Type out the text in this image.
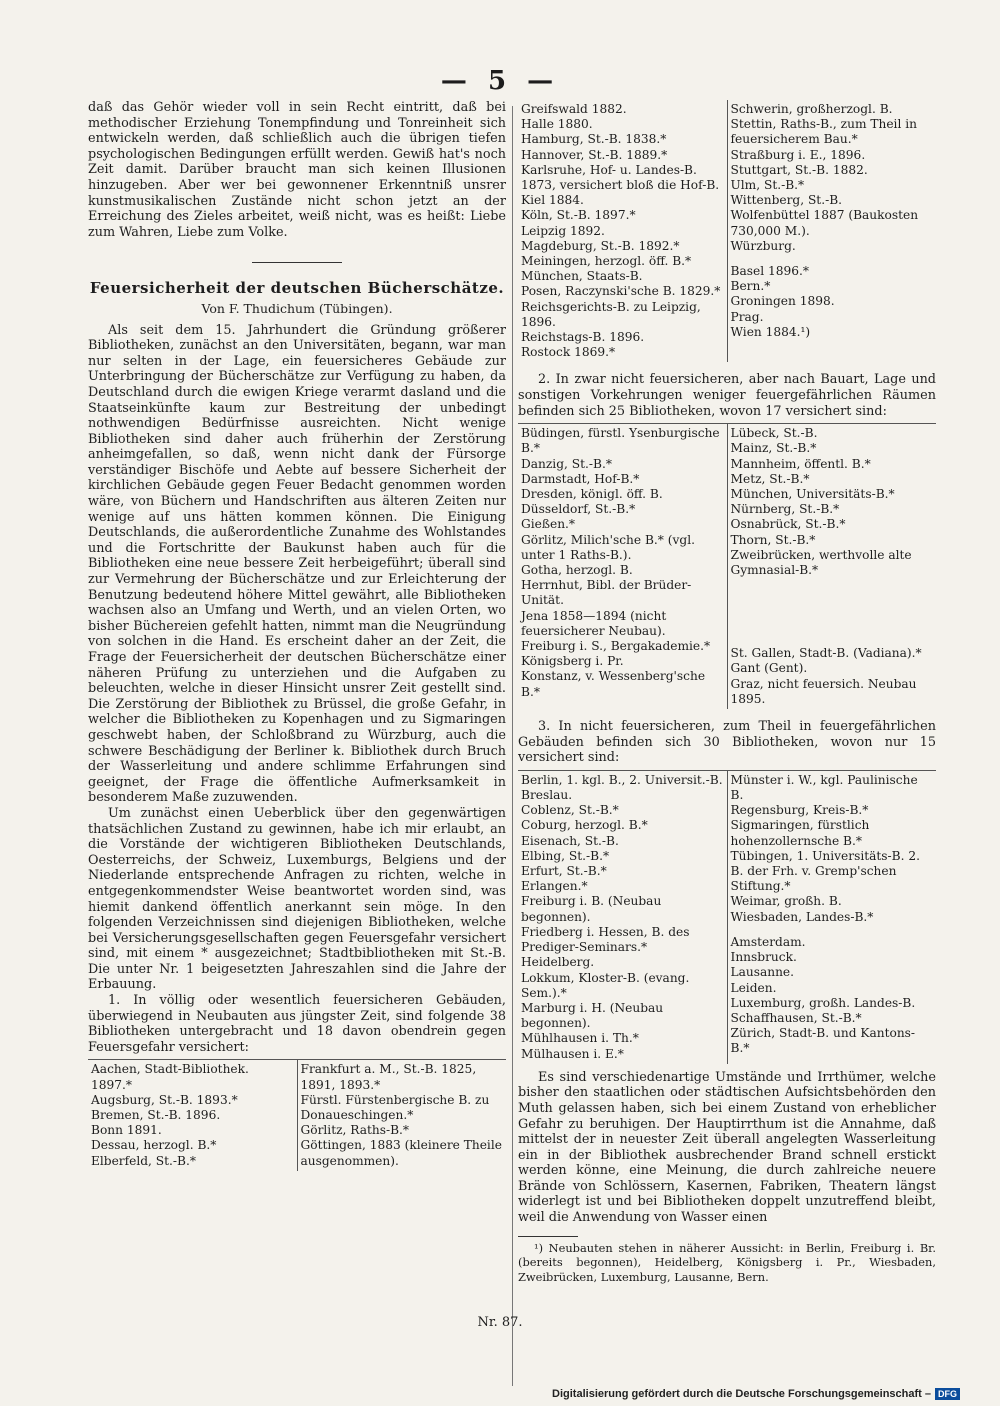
— 5 —

daß das Gehör wieder voll in sein Recht eintritt, daß bei methodischer Erziehung Tonempfindung und Tonreinheit sich entwickeln werden, daß schließlich auch die übrigen tiefen psychologischen Bedingungen erfüllt werden. Gewiß hat's noch Zeit damit. Darüber braucht man sich keinen Illusionen hinzugeben. Aber wer bei gewonnener Erkenntniß unsrer kunstmusikalischen Zustände nicht schon jetzt an der Erreichung des Zieles arbeitet, weiß nicht, was es heißt: Liebe zum Wahren, Liebe zum Volke.

Feuersicherheit der deutschen Bücherschätze.
Von F. Thudichum (Tübingen).

Als seit dem 15. Jahrhundert die Gründung größerer Bibliotheken, zunächst an den Universitäten, begann, war man nur selten in der Lage, ein feuersicheres Gebäude zur Unterbringung der Bücherschätze zur Verfügung zu haben, da Deutschland durch die ewigen Kriege verarmt dasland und die Staatseinkünfte kaum zur Bestreitung der unbedingt nothwendigen Bedürfnisse ausreichten. Nicht wenige Bibliotheken sind daher auch früherhin der Zerstörung anheimgefallen, so daß, wenn nicht dank der Fürsorge verständiger Bischöfe und Aebte auf bessere Sicherheit der kirchlichen Gebäude gegen Feuer Bedacht genommen worden wäre, von Büchern und Handschriften aus älteren Zeiten nur wenige auf uns hätten kommen können. Die Einigung Deutschlands, die außerordentliche Zunahme des Wohlstandes und die Fortschritte der Baukunst haben auch für die Bibliotheken eine neue bessere Zeit herbeigeführt; überall sind zur Vermehrung der Bücherschätze und zur Erleichterung der Benutzung bedeutend höhere Mittel gewährt, alle Bibliotheken wachsen also an Umfang und Werth, und an vielen Orten, wo bisher Büchereien gefehlt hatten, nimmt man die Neugründung von solchen in die Hand. Es erscheint daher an der Zeit, die Frage der Feuersicherheit der deutschen Bücherschätze einer näheren Prüfung zu unterziehen und die Aufgaben zu beleuchten, welche in dieser Hinsicht unsrer Zeit gestellt sind. Die Zerstörung der Bibliothek zu Brüssel, die große Gefahr, in welcher die Bibliotheken zu Kopenhagen und zu Sigmaringen geschwebt haben, der Schloßbrand zu Würzburg, auch die schwere Beschädigung der Berliner k. Bibliothek durch Bruch der Wasserleitung und andere schlimme Erfahrungen sind geeignet, der Frage die öffentliche Aufmerksamkeit in besonderem Maße zuzuwenden.

Um zunächst einen Ueberblick über den gegenwärtigen thatsächlichen Zustand zu gewinnen, habe ich mir erlaubt, an die Vorstände der wichtigeren Bibliotheken Deutschlands, Oesterreichs, der Schweiz, Luxemburgs, Belgiens und der Niederlande entsprechende Anfragen zu richten, welche in entgegenkommendster Weise beantwortet worden sind, was hiemit dankend öffentlich anerkannt sein möge. In den folgenden Verzeichnissen sind diejenigen Bibliotheken, welche bei Versicherungsgesellschaften gegen Feuersgefahr versichert sind, mit einem * ausgezeichnet; Stadtbibliotheken mit St.-B. Die unter Nr. 1 beigesetzten Jahreszahlen sind die Jahre der Erbauung.

1. In völlig oder wesentlich feuersicheren Gebäuden, überwiegend in Neubauten aus jüngster Zeit, sind folgende 38 Bibliotheken untergebracht und 18 davon obendrein gegen Feuersgefahr versichert:

Aachen, Stadt-Bibliothek. 1897.*
Augsburg, St.-B. 1893.*
Bremen, St.-B. 1896.
Bonn 1891.
Dessau, herzogl. B.*
Elberfeld, St.-B.*
Frankfurt a. M., St.-B. 1825, 1891, 1893.*
Fürstl. Fürstenbergische B. zu Donaueschingen.*
Görlitz, Raths-B.*
Göttingen, 1883 (kleinere Theile ausgenommen).
Greifswald 1882.
Halle 1880.
Hamburg, St.-B. 1838.*
Hannover, St.-B. 1889.*
Karlsruhe, Hof- u. Landes-B. 1873, versichert bloß die Hof-B.
Kiel 1884.
Köln, St.-B. 1897.*
Leipzig 1892.
Magdeburg, St.-B. 1892.*
Meiningen, herzogl. öff. B.*
München, Staats-B.
Posen, Raczynski'sche B. 1829.*
Reichsgerichts-B. zu Leipzig, 1896.
Reichstags-B. 1896.
Rostock 1869.*
Schwerin, großherzogl. B.
Stettin, Raths-B., zum Theil in feuersicherem Bau.*
Straßburg i. E., 1896.
Stuttgart, St.-B. 1882.
Ulm, St.-B.*
Wittenberg, St.-B.
Wolfenbüttel 1887 (Baukosten 730,000 M.).
Würzburg.
Basel 1896.*
Bern.*
Groningen 1898.
Prag.
Wien 1884.¹)

2. In zwar nicht feuersicheren, aber nach Bauart, Lage und sonstigen Vorkehrungen weniger feuergefährlichen Räumen befinden sich 25 Bibliotheken, wovon 17 versichert sind:

Büdingen, fürstl. Ysenburgische B.*
Danzig, St.-B.*
Darmstadt, Hof-B.*
Dresden, königl. öff. B.
Düsseldorf, St.-B.*
Gießen.*
Görlitz, Milich'sche B.* (vgl. unter 1 Raths-B.).
Gotha, herzogl. B.
Herrnhut, Bibl. der Brüder-Unität.
Jena 1858—1894 (nicht feuersicherer Neubau).
Freiburg i. S., Bergakademie.*
Königsberg i. Pr.
Konstanz, v. Wessenberg'sche B.*
Lübeck, St.-B.
Mainz, St.-B.*
Mannheim, öffentl. B.*
Metz, St.-B.*
München, Universitäts-B.*
Nürnberg, St.-B.*
Osnabrück, St.-B.*
Thorn, St.-B.*
Zweibrücken, werthvolle alte Gymnasial-B.*
St. Gallen, Stadt-B. (Vadiana).*
Gant (Gent).
Graz, nicht feuersich. Neubau 1895.

3. In nicht feuersicheren, zum Theil in feuergefährlichen Gebäuden befinden sich 30 Bibliotheken, wovon nur 15 versichert sind:

Berlin, 1. kgl. B., 2. Universit.-B.
Breslau.
Coblenz, St.-B.*
Coburg, herzogl. B.*
Eisenach, St.-B.
Elbing, St.-B.*
Erfurt, St.-B.*
Erlangen.*
Freiburg i. B. (Neubau begonnen).
Friedberg i. Hessen, B. des Prediger-Seminars.*
Heidelberg.
Lokkum, Kloster-B. (evang. Sem.).*
Marburg i. H. (Neubau begonnen).
Mühlhausen i. Th.*
Mülhausen i. E.*
Münster i. W., kgl. Paulinische B.
Regensburg, Kreis-B.*
Sigmaringen, fürstlich hohenzollernsche B.*
Tübingen, 1. Universitäts-B. 2. B. der Frh. v. Gremp'schen Stiftung.*
Weimar, großh. B.
Wiesbaden, Landes-B.*
Amsterdam.
Innsbruck.
Lausanne.
Leiden.
Luxemburg, großh. Landes-B.
Schaffhausen, St.-B.*
Zürich, Stadt-B. und Kantons-B.*

Es sind verschiedenartige Umstände und Irrthümer, welche bisher den staatlichen oder städtischen Aufsichtsbehörden den Muth gelassen haben, sich bei einem Zustand von erheblicher Gefahr zu beruhigen. Der Hauptirrthum ist die Annahme, daß mittelst der in neuester Zeit überall angelegten Wasserleitung ein in der Bibliothek ausbrechender Brand schnell erstickt werden könne, eine Meinung, die durch zahlreiche neuere Brände von Schlössern, Kasernen, Fabriken, Theatern längst widerlegt ist und bei Bibliotheken doppelt unzutreffend bleibt, weil die Anwendung von Wasser einen

¹) Neubauten stehen in näherer Aussicht: in Berlin, Freiburg i. Br. (bereits begonnen), Heidelberg, Königsberg i. Pr., Wiesbaden, Zweibrücken, Luxemburg, Lausanne, Bern.

Nr. 87.
Digitalisierung gefördert durch die Deutsche Forschungsgemeinschaft – DFG
